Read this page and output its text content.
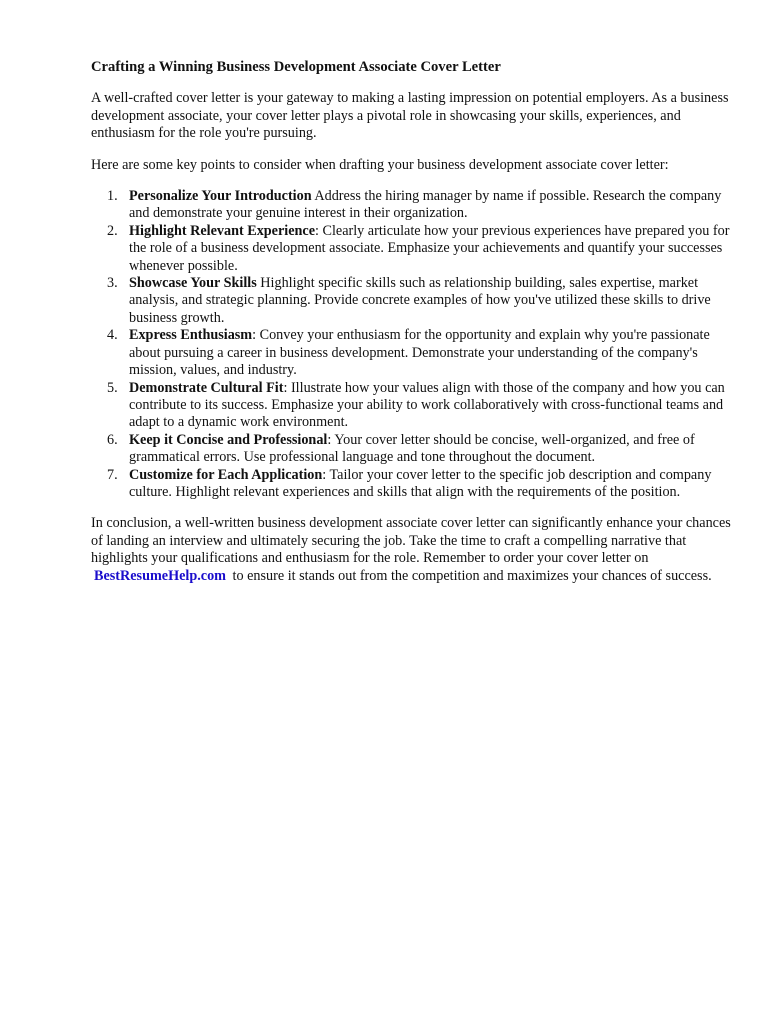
Crafting a Winning Business Development Associate Cover Letter

A well-crafted cover letter is your gateway to making a lasting impression on potential employers. As a business development associate, your cover letter plays a pivotal role in showcasing your skills, experiences, and enthusiasm for the role you're pursuing.

Here are some key points to consider when drafting your business development associate cover letter:

1. Personalize Your Introduction Address the hiring manager by name if possible. Research the company and demonstrate your genuine interest in their organization.
2. Highlight Relevant Experience: Clearly articulate how your previous experiences have prepared you for the role of a business development associate. Emphasize your achievements and quantify your successes whenever possible.
3. Showcase Your Skills Highlight specific skills such as relationship building, sales expertise, market analysis, and strategic planning. Provide concrete examples of how you've utilized these skills to drive business growth.
4. Express Enthusiasm: Convey your enthusiasm for the opportunity and explain why you're passionate about pursuing a career in business development. Demonstrate your understanding of the company's mission, values, and industry.
5. Demonstrate Cultural Fit: Illustrate how your values align with those of the company and how you can contribute to its success. Emphasize your ability to work collaboratively with cross-functional teams and adapt to a dynamic work environment.
6. Keep it Concise and Professional: Your cover letter should be concise, well-organized, and free of grammatical errors. Use professional language and tone throughout the document.
7. Customize for Each Application: Tailor your cover letter to the specific job description and company culture. Highlight relevant experiences and skills that align with the requirements of the position.

In conclusion, a well-written business development associate cover letter can significantly enhance your chances of landing an interview and ultimately securing the job. Take the time to craft a compelling narrative that highlights your qualifications and enthusiasm for the role. Remember to order your cover letter on BestResumeHelp.com to ensure it stands out from the competition and maximizes your chances of success.
